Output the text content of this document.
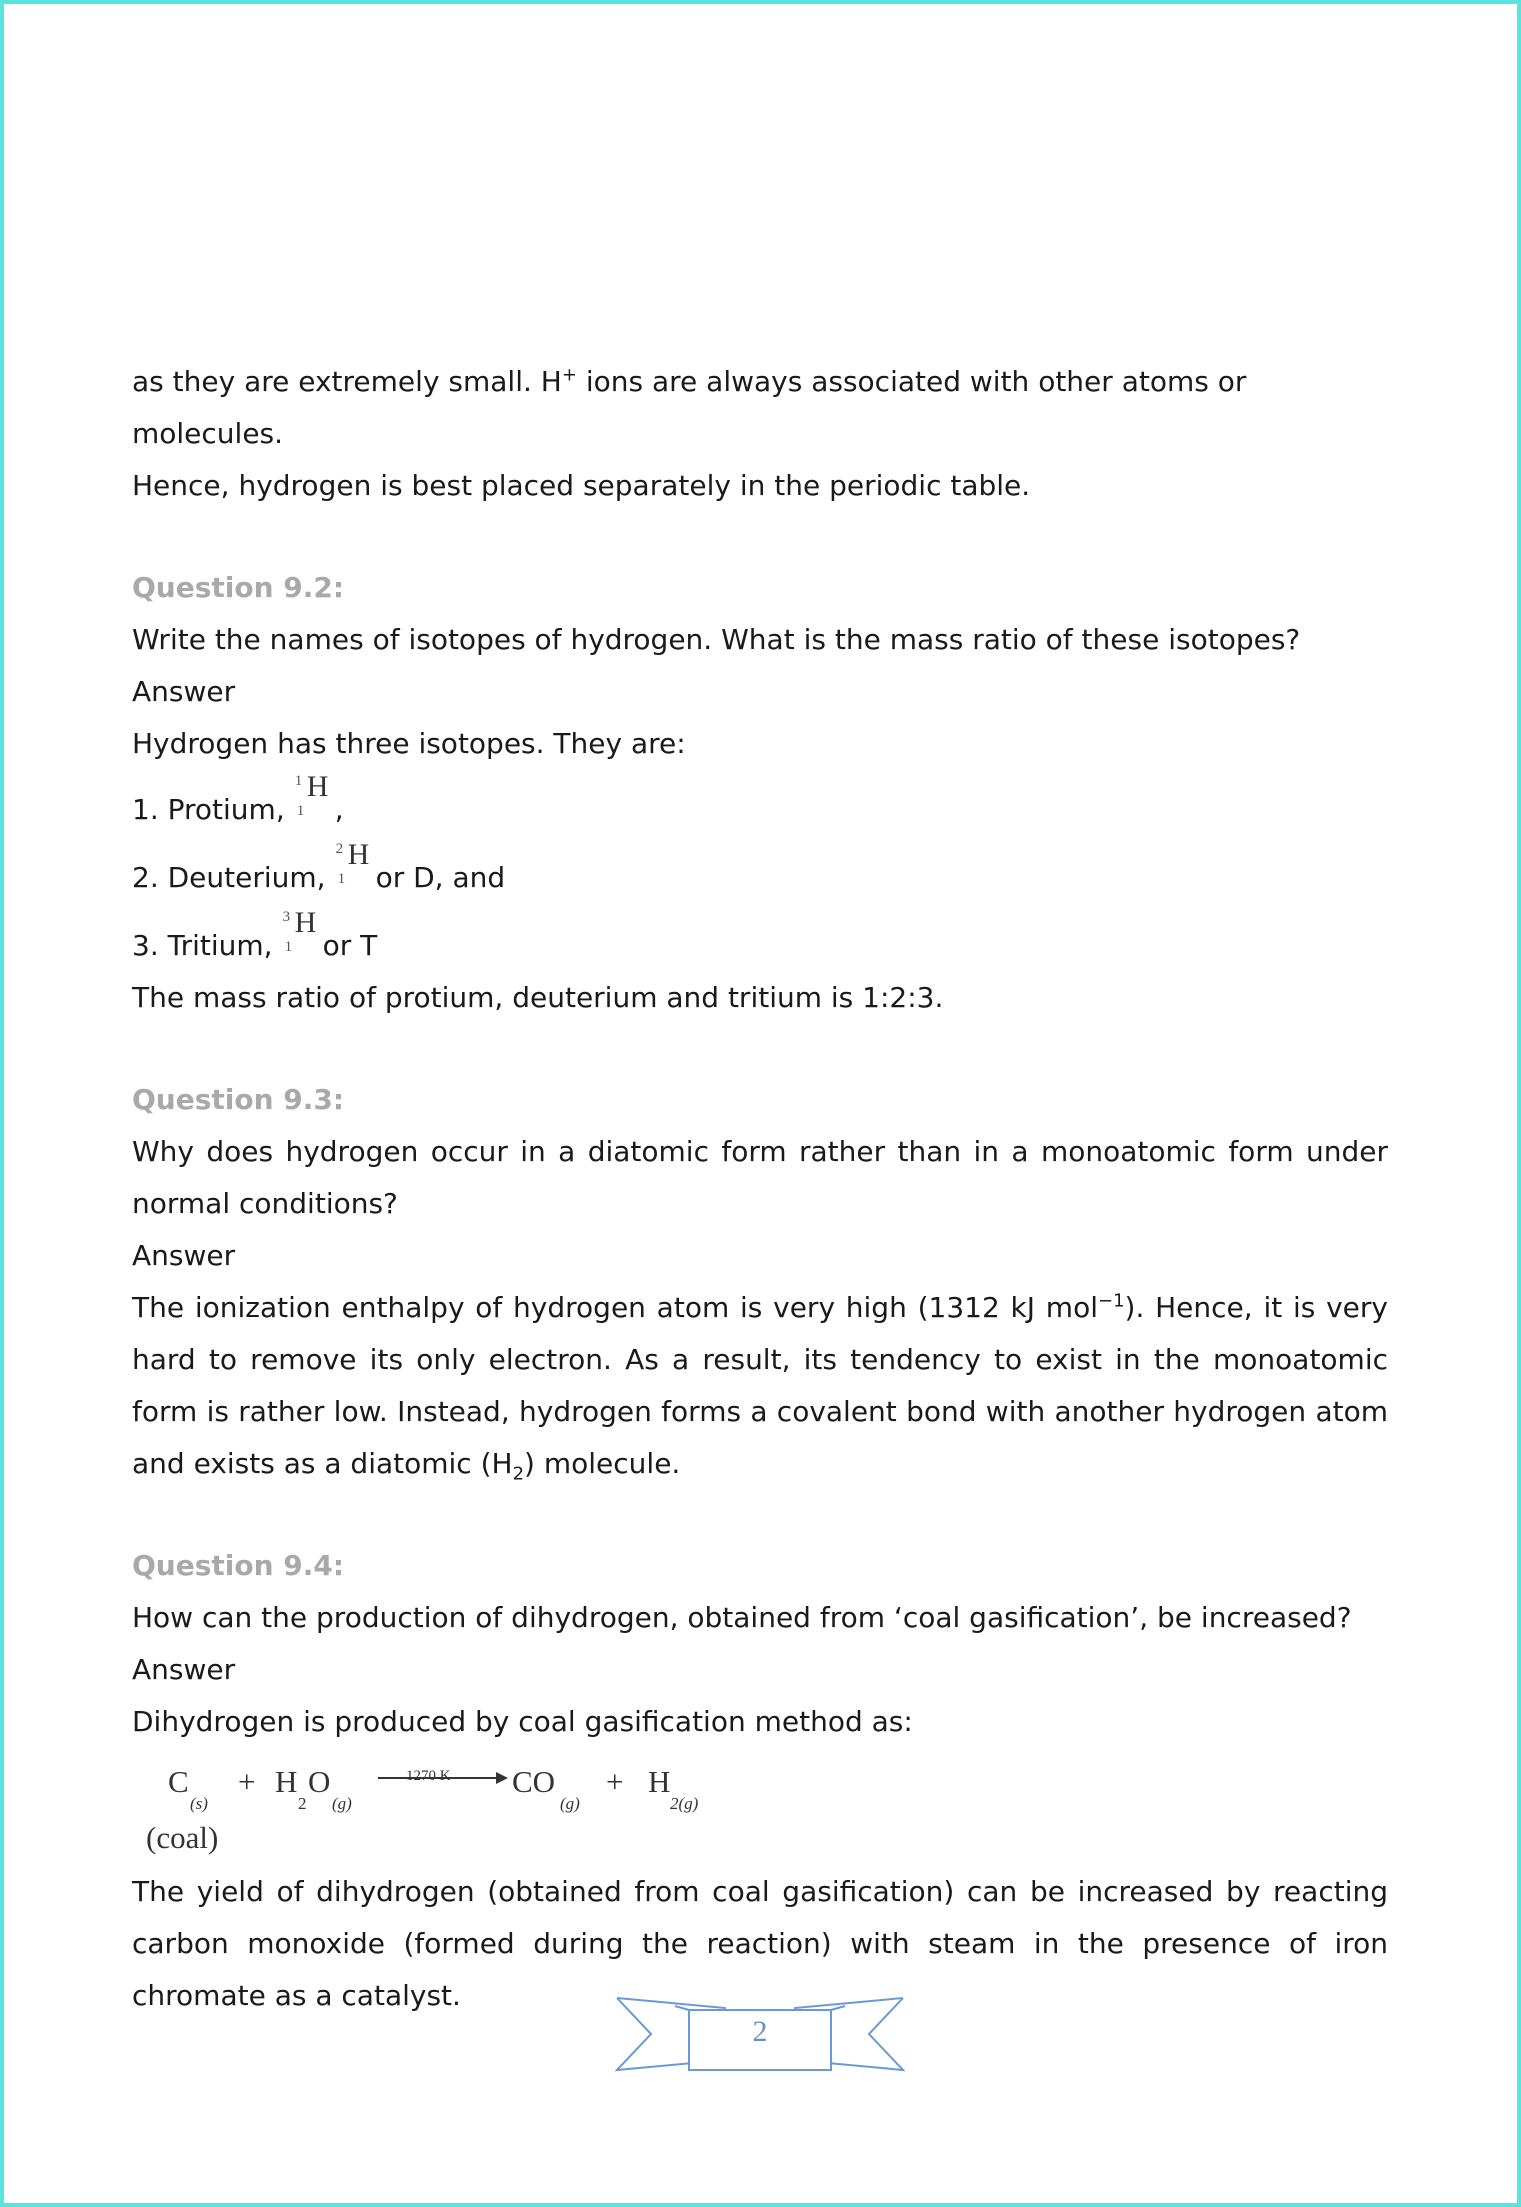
as they are extremely small. H+ ions are always associated with other atoms or molecules.

Hence, hydrogen is best placed separately in the periodic table.

Question 9.2:

Write the names of isotopes of hydrogen. What is the mass ratio of these isotopes?

Answer

Hydrogen has three isotopes. They are:

1. Protium,
1
1
H
,
2. Deuterium,
2
1
H
or D, and
3. Tritium,
3
1
H
or T

The mass ratio of protium, deuterium and tritium is 1:2:3.

Question 9.3:

Why does hydrogen occur in a diatomic form rather than in a monoatomic form under normal conditions?

Answer

The ionization enthalpy of hydrogen atom is very high (1312 kJ mol$^{-1}$). Hence, it is very hard to remove its only electron. As a result, its tendency to exist in the monoatomic form is rather low. Instead, hydrogen forms a covalent bond with another hydrogen atom and exists as a diatomic $(H_2)$ molecule.

Question 9.4:

How can the production of dihydrogen, obtained from ‘coal gasification’, be increased?

Answer

Dihydrogen is produced by coal gasification method as:

C
(s)
+ H
2
O
(g)
1270 K CO
(g)
+ H
2(g)
(coal)

The yield of dihydrogen (obtained from coal gasification) can be increased by reacting carbon monoxide (formed during the reaction) with steam in the presence of iron chromate as a catalyst.

2
